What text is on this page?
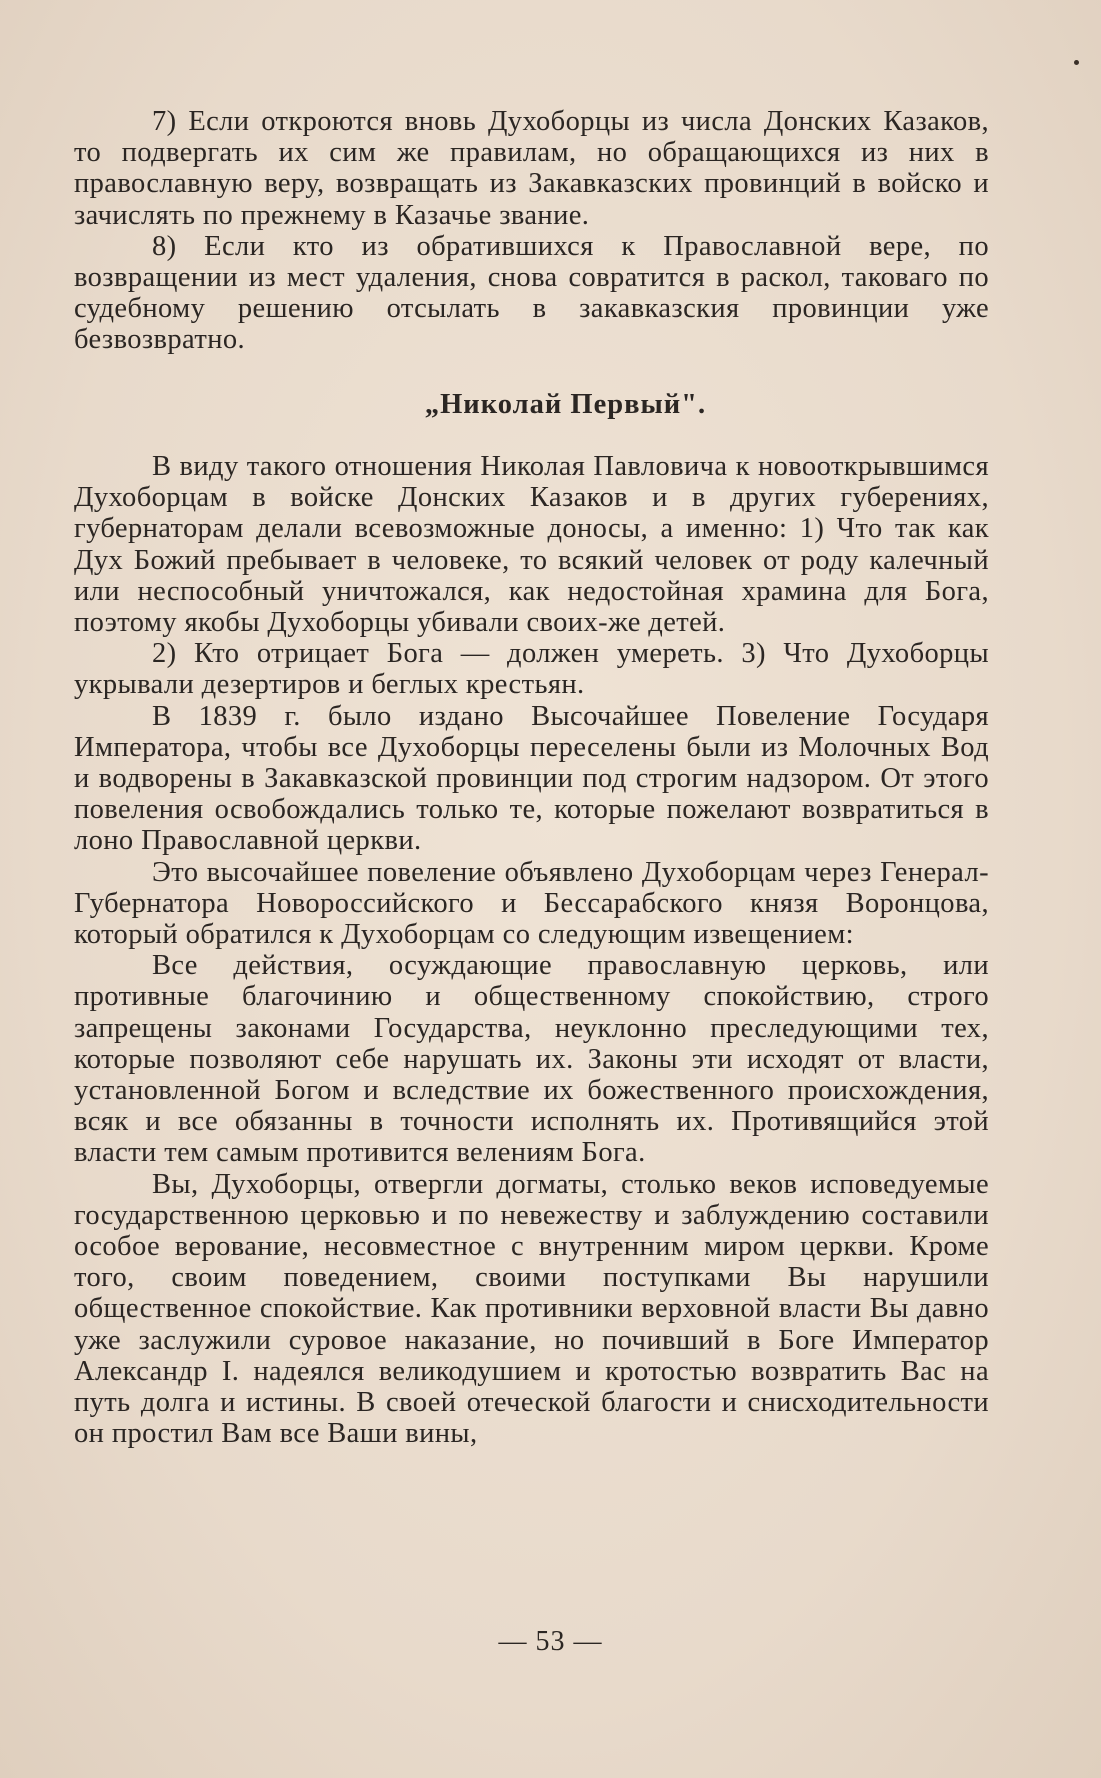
7) Если откроются вновь Духоборцы из числа Донских Казаков, то подвергать их сим же правилам, но обращающихся из них в православную веру, возвращать из Закавказских провинций в войско и зачислять по прежнему в Казачье звание.

8) Если кто из обратившихся к Православной вере, по возвращении из мест удаления, снова совратится в раскол, таковаго по судебному решению отсылать в закавказския провинции уже безвозвратно.

„Николай Первый".

В виду такого отношения Николая Павловича к новооткрывшимся Духоборцам в войске Донских Казаков и в других губерениях, губернаторам делали всевозможные доносы, а именно: 1) Что так как Дух Божий пребывает в человеке, то всякий человек от роду калечный или неспособный уничтожался, как недостойная храмина для Бога, поэтому якобы Духоборцы убивали своих-же детей.

2) Кто отрицает Бога — должен умереть. 3) Что Духоборцы укрывали дезертиров и беглых крестьян.

В 1839 г. было издано Высочайшее Повеление Государя Императора, чтобы все Духоборцы переселены были из Молочных Вод и водворены в Закавказской провинции под строгим надзором. От этого повеления освобождались только те, которые пожелают возвратиться в лоно Православной церкви.

Это высочайшее повеление объявлено Духоборцам через Генерал-Губернатора Новороссийского и Бессарабского князя Воронцова, который обратился к Духоборцам со следующим извещением:

Все действия, осуждающие православную церковь, или противные благочинию и общественному спокойствию, строго запрещены законами Государства, неуклонно преследующими тех, которые позволяют себе нарушать их. Законы эти исходят от власти, установленной Богом и вследствие их божественного происхождения, всяк и все обязанны в точности исполнять их. Противящийся этой власти тем самым противится велениям Бога.

Вы, Духоборцы, отвергли догматы, столько веков исповедуемые государственною церковью и по невежеству и заблуждению составили особое верование, несовместное с внутренним миром церкви. Кроме того, своим поведением, своими поступками Вы нарушили общественное спокойствие. Как противники верховной власти Вы давно уже заслужили суровое наказание, но почивший в Боге Император Александр I. надеялся великодушием и кротостью возвратить Вас на путь долга и истины. В своей отеческой благости и снисходительности он простил Вам все Ваши вины,

— 53 —
